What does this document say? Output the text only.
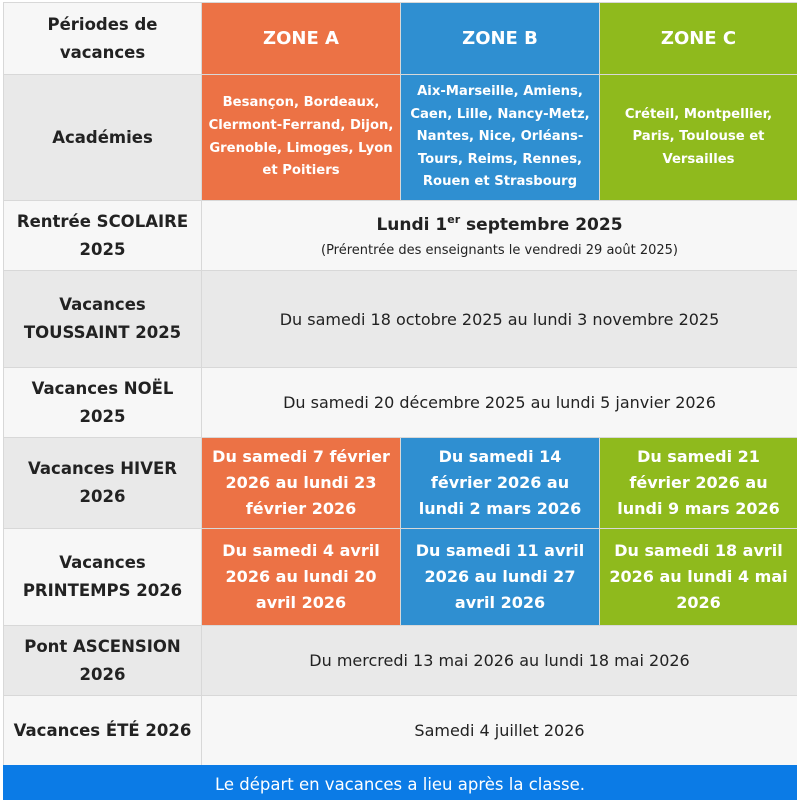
Périodes de vacances	ZONE A	ZONE B	ZONE C
Académies	Besançon, Bordeaux, Clermont-Ferrand, Dijon, Grenoble, Limoges, Lyon et Poitiers	Aix-Marseille, Amiens, Caen, Lille, Nancy-Metz, Nantes, Nice, Orléans-Tours, Reims, Rennes, Rouen et Strasbourg	Créteil, Montpellier, Paris, Toulouse et Versailles
Rentrée SCOLAIRE 2025	Lundi 1er septembre 2025
(Prérentrée des enseignants le vendredi 29 août 2025)		

Vacances TOUSSAINT 2025	Du samedi 18 octobre 2025 au lundi 3 novembre 2025		
Vacances NOËL 2025	Du samedi 20 décembre 2025 au lundi 5 janvier 2026		
Vacances HIVER 2026	Du samedi 7 février 2026 au lundi 23 février 2026	Du samedi 14 février 2026 au lundi 2 mars 2026	Du samedi 21 février 2026 au lundi 9 mars 2026
Vacances PRINTEMPS 2026	Du samedi 4 avril 2026 au lundi 20 avril 2026	Du samedi 11 avril 2026 au lundi 27 avril 2026	Du samedi 18 avril 2026 au lundi 4 mai 2026
Pont ASCENSION 2026	Du mercredi 13 mai 2026 au lundi 18 mai 2026		
Vacances ÉTÉ 2026	Samedi 4 juillet 2026		
Le départ en vacances a lieu après la classe.
